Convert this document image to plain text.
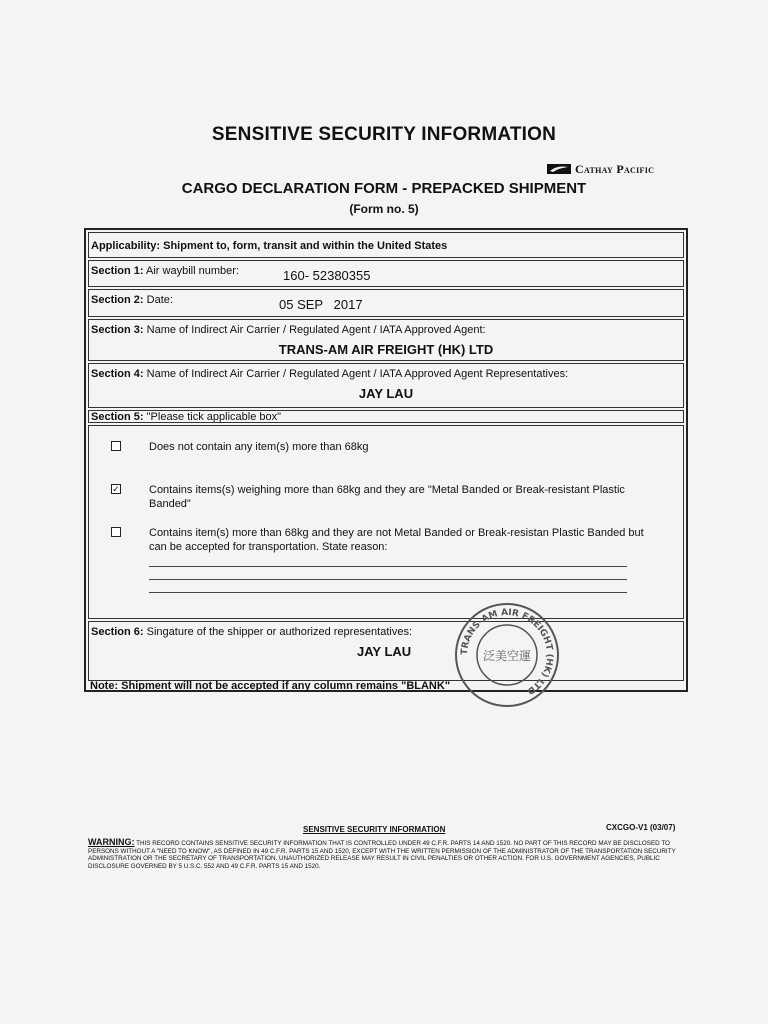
SENSITIVE SECURITY INFORMATION
Cathay Pacific
CARGO DECLARATION FORM - PREPACKED SHIPMENT
(Form no. 5)
Applicability: Shipment to, form, transit and within the United States
Section 1: Air waybill number:	160- 52380355
Section 2: Date:	05 SEP   2017
Section 3: Name of Indirect Air Carrier / Regulated Agent / IATA Approved Agent:
TRANS-AM AIR FREIGHT (HK) LTD
Section 4: Name of Indirect Air Carrier / Regulated Agent / IATA Approved Agent Representatives:
JAY LAU
Section 5: "Please tick applicable box"
Does not contain any item(s) more than 68kg
✓	Contains items(s) weighing more than 68kg and they are "Metal Banded or Break-resistant Plastic Banded"
Contains item(s) more than 68kg and they are not Metal Banded or Break-resistan Plastic Banded but can be accepted for transportation. State reason:
Section 6: Singature of the shipper or authorized representatives:
JAY LAU
Note: Shipment will not be accepted if any column remains "BLANK"
TRANS-AM AIR FREIGHT (HK) LTD
泛美空運
SENSITIVE SECURITY INFORMATION	CXCGO-V1 (03/07)
WARNING: THIS RECORD CONTAINS SENSITIVE SECURITY INFORMATION THAT IS CONTROLLED UNDER 49 C.F.R. PARTS 14 AND 1520. NO PART OF THIS RECORD MAY BE DISCLOSED TO PERSONS WITHOUT A "NEED TO KNOW", AS DEFINED IN 49 C.F.R. PARTS 15 AND 1520, EXCEPT WITH THE WRITTEN PERMISSION OF THE ADMINISTRATOR OF THE TRANSPORTATION SECURITY ADMINISTRATION OR THE SECRETARY OF TRANSPORTATION. UNAUTHORIZED RELEASE MAY RESULT IN CIVIL PENALTIES OR OTHER ACTION. FOR U.S. GOVERNMENT AGENCIES, PUBLIC DISCLOSURE GOVERNED BY 5 U.S.C. 552 AND 49 C.F.R. PARTS 15 AND 1520.
